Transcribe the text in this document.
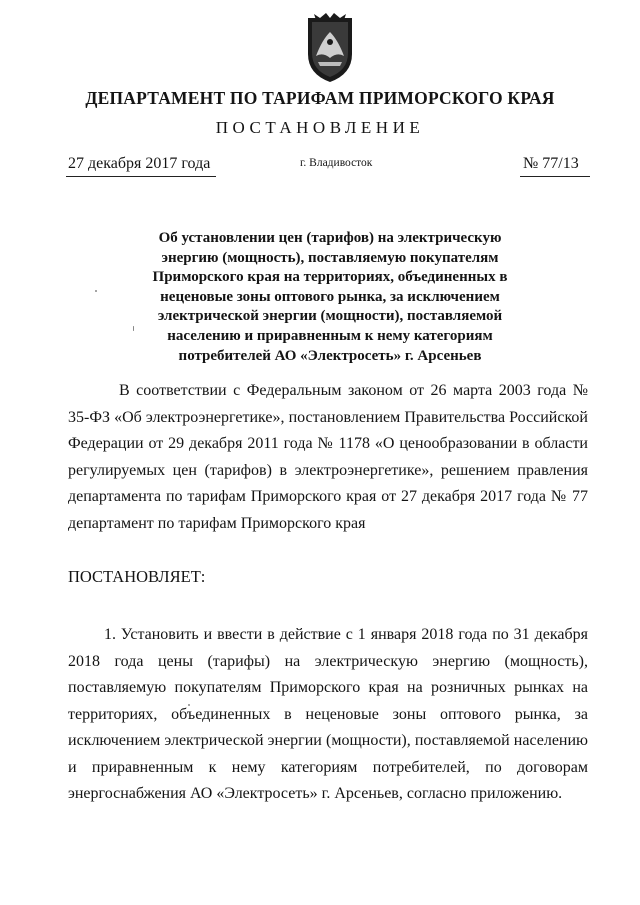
ДЕПАРТАМЕНТ ПО ТАРИФАМ ПРИМОРСКОГО КРАЯ
ПОСТАНОВЛЕНИЕ
27 декабря 2017 года	г. Владивосток	№ 77/13
Об установлении цен (тарифов) на электрическую энергию (мощность), поставляемую покупателям Приморского края на территориях, объединенных в неценовые зоны оптового рынка, за исключением электрической энергии (мощности), поставляемой населению и приравненным к нему категориям потребителей АО «Электросеть» г. Арсеньев
В соответствии с Федеральным законом от 26 марта 2003 года № 35-ФЗ «Об электроэнергетике», постановлением Правительства Российской Федерации от 29 декабря 2011 года № 1178 «О ценообразовании в области регулируемых цен (тарифов) в электроэнергетике», решением правления департамента по тарифам Приморского края от 27 декабря 2017 года № 77 департамент по тарифам Приморского края
ПОСТАНОВЛЯЕТ:
1. Установить и ввести в действие с 1 января 2018 года по 31 декабря 2018 года цены (тарифы) на электрическую энергию (мощность), поставляемую покупателям Приморского края на розничных рынках на территориях, объединенных в неценовые зоны оптового рынка, за исключением электрической энергии (мощности), поставляемой населению и приравненным к нему категориям потребителей, по договорам энергоснабжения АО «Электросеть» г. Арсеньев, согласно приложению.
